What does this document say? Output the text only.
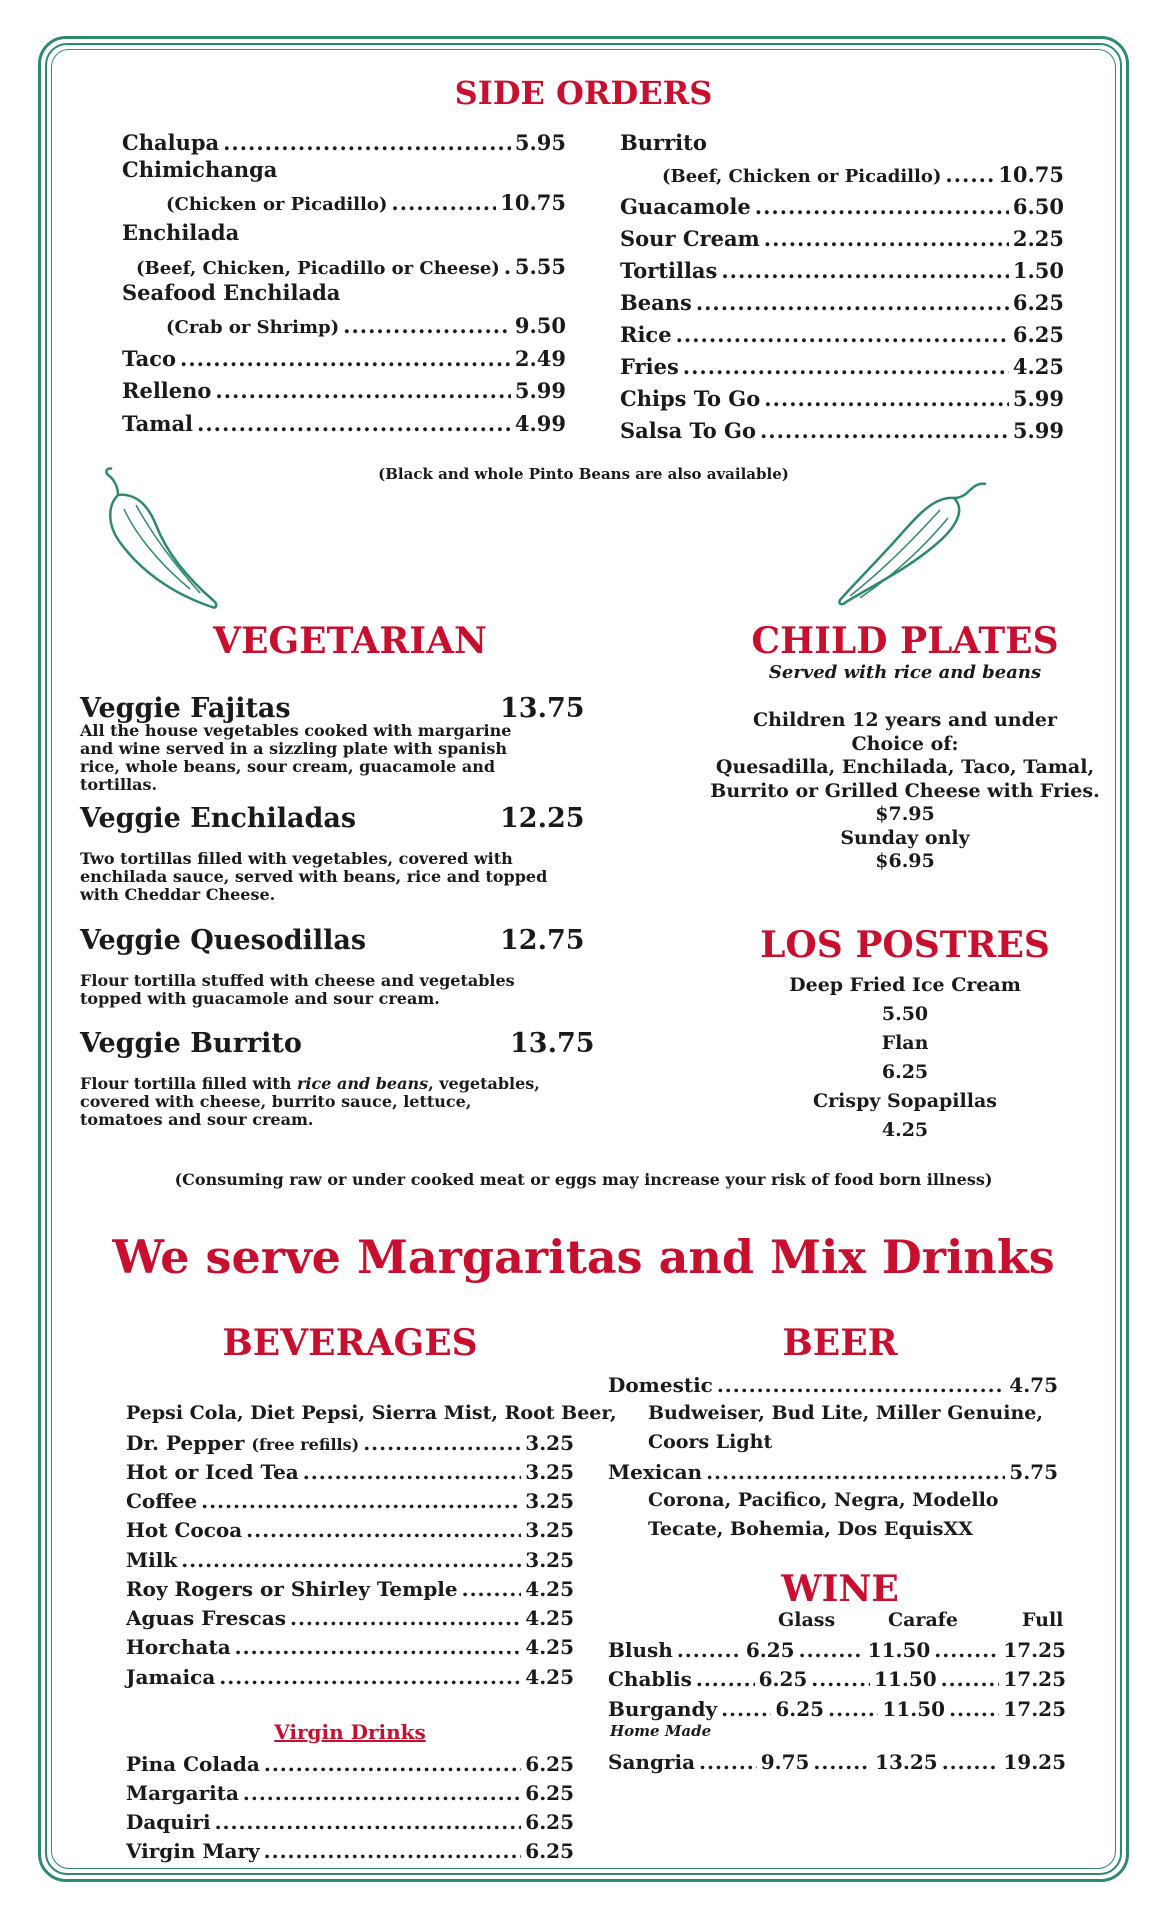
SIDE ORDERS
Chalupa .....	5.95
Chimichanga
(Chicken or Picadillo) .....	10.75
Enchilada
(Beef, Chicken, Picadillo or Cheese) ..... 5.55
Seafood Enchilada
(Crab or Shrimp) .....	9.50
Taco .....	2.49
Relleno .....	5.99
Tamal .....	4.99
Burrito
(Beef, Chicken or Picadillo) .....	10.75
Guacamole .....	6.50
Sour Cream .....	2.25
Tortillas .....	1.50
Beans .....	6.25
Rice .....	6.25
Fries .....	4.25
Chips To Go .....	5.99
Salsa To Go .....	5.99
(Black and whole Pinto Beans are also available)
VEGETARIAN
Veggie Fajitas	13.75
All the house vegetables cooked with margarine and wine served in a sizzling plate with spanish rice, whole beans, sour cream, guacamole and tortillas.
Veggie Enchiladas	12.25
Two tortillas filled with vegetables, covered with enchilada sauce, served with beans, rice and topped with Cheddar Cheese.
Veggie Quesodillas	12.75
Flour tortilla stuffed with cheese and vegetables topped with guacamole and sour cream.
Veggie Burrito	13.75
Flour tortilla filled with rice and beans, vegetables, covered with cheese, burrito sauce, lettuce, tomatoes and sour cream.
CHILD PLATES
Served with rice and beans
Children 12 years and under
Choice of:
Quesadilla, Enchilada, Taco, Tamal,
Burrito or Grilled Cheese with Fries.
$7.95
Sunday only
$6.95
LOS POSTRES
Deep Fried Ice Cream
5.50
Flan
6.25
Crispy Sopapillas
4.25
(Consuming raw or under cooked meat or eggs may increase your risk of food born illness)
We serve Margaritas and Mix Drinks
BEVERAGES
Pepsi Cola, Diet Pepsi, Sierra Mist, Root Beer,
Dr. Pepper
(free refills) .....	3.25
Hot or Iced Tea .....	3.25
Coffee .....	3.25
Hot Cocoa .....	3.25
Milk .....	3.25
Roy Rogers or Shirley Temple .....	4.25
Aguas Frescas .....	4.25
Horchata .....	4.25
Jamaica .....	4.25
Virgin Drinks
Pina Colada .....	6.25
Margarita .....	6.25
Daquiri .....	6.25
Virgin Mary .....	6.25
BEER
Domestic .....	4.75
Budweiser, Bud Lite, Miller Genuine,
Coors Light
Mexican .....	5.75
Corona, Pacifico, Negra, Modello
Tecate, Bohemia, Dos EquisXX
WINE
Glass	Carafe	Full
Blush .....	6.25 .....	11.50 .....	17.25
Chablis .....	6.25 .....	11.50 .....	17.25
Burgandy .....	6.25 .....	11.50 .....	17.25
Home Made
Sangria .....	9.75 .....	13.25 .....	19.25
